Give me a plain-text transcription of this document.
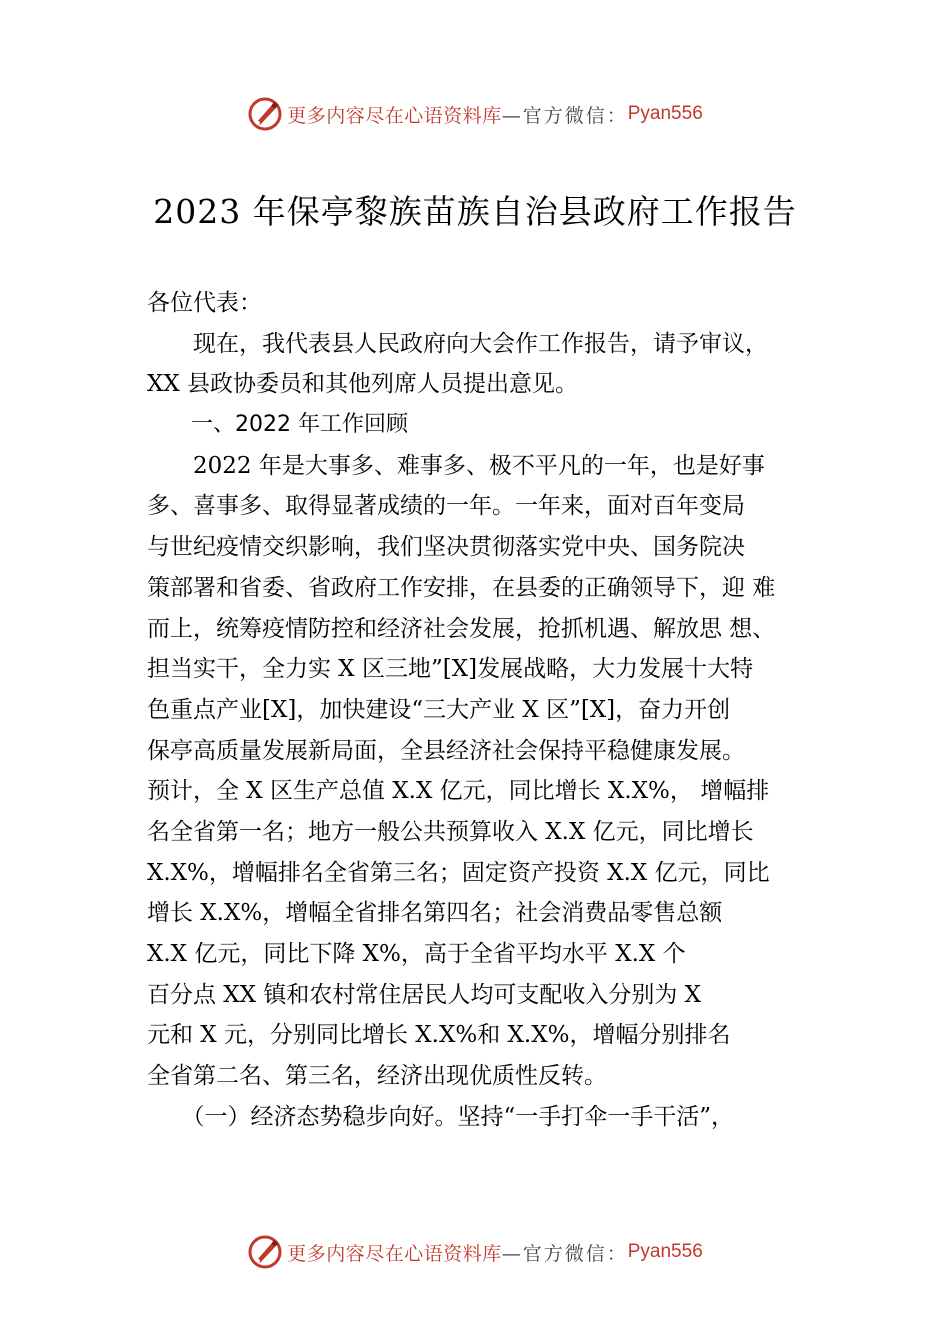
更多内容尽在心语资料库 —官方微信： Pyan556
2023 年保亭黎族苗族自治县政府工作报告
各位代表：
　　现在，我代表县人民政府向大会作工作报告，请予审议，
XX 县政协委员和其他列席人员提出意见。
　　一、2022 年工作回顾
　　2022 年是大事多、难事多、极不平凡的一年，也是好事
多、喜事多、取得显著成绩的一年。一年来，面对百年变局
与世纪疫情交织影响，我们坚决贯彻落实党中央、国务院决
策部署和省委、省政府工作安排，在县委的正确领导下，迎 难
而上，统筹疫情防控和经济社会发展，抢抓机遇、解放思 想、
担当实干，全力实 X 区三地”[X]发展战略，大力发展十大特
色重点产业[X]，加快建设“三大产业 X 区”[X]，奋力开创
保亭高质量发展新局面，全县经济社会保持平稳健康发展。
预计，全 X 区生产总值 X.X 亿元，同比增长 X.X%， 增幅排
名全省第一名；地方一般公共预算收入 X.X 亿元，同比增长
X.X%，增幅排名全省第三名；固定资产投资 X.X 亿元，同比
增长 X.X%，增幅全省排名第四名；社会消费品零售总额
X.X 亿元，同比下降 X%，高于全省平均水平 X.X 个
百分点 XX 镇和农村常住居民人均可支配收入分别为 X
元和 X 元，分别同比增长 X.X%和 X.X%，增幅分别排名
全省第二名、第三名，经济出现优质性反转。
　　（一）经济态势稳步向好。坚持“一手打伞一手干活”，
更多内容尽在心语资料库 —官方微信： Pyan556
